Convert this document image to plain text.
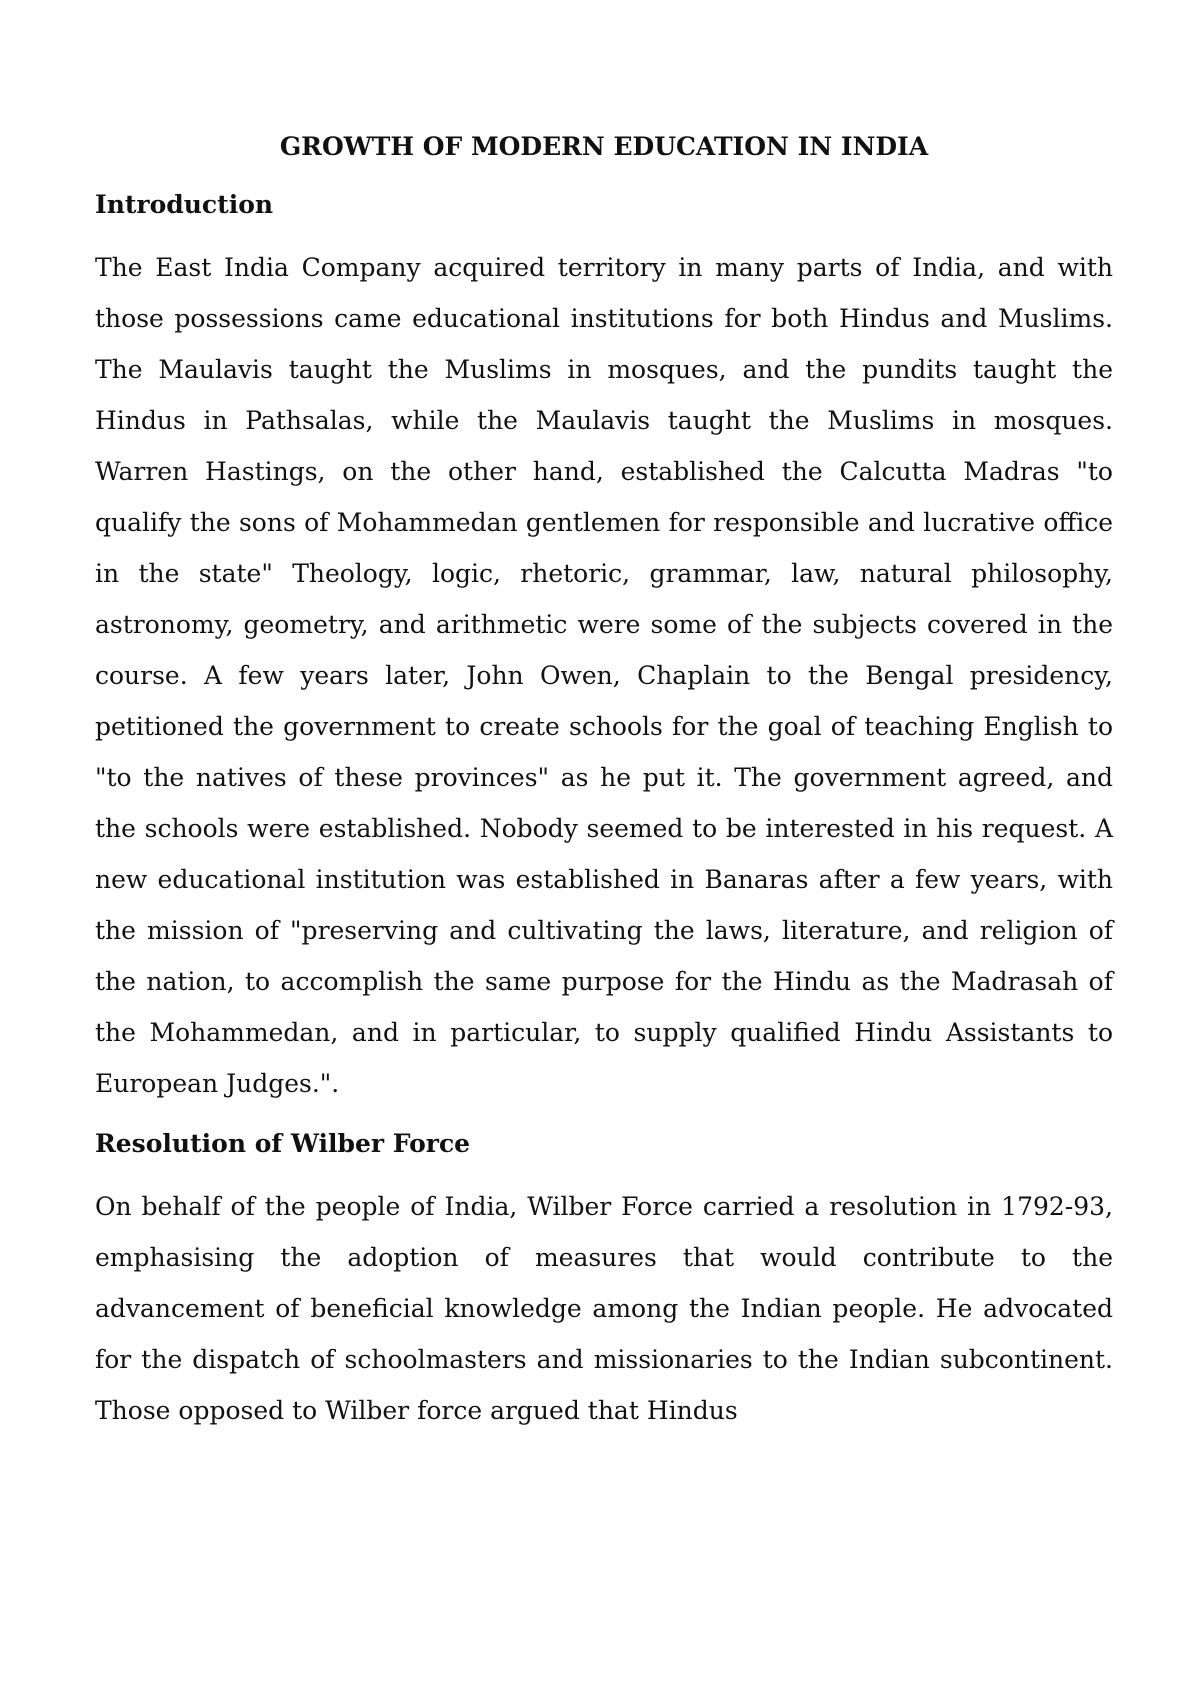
GROWTH OF MODERN EDUCATION IN INDIA
Introduction

The East India Company acquired territory in many parts of India, and with those possessions came educational institutions for both Hindus and Muslims. The Maulavis taught the Muslims in mosques, and the pundits taught the Hindus in Pathsalas, while the Maulavis taught the Muslims in mosques. Warren Hastings, on the other hand, established the Calcutta Madras "to qualify the sons of Mohammedan gentlemen for responsible and lucrative office in the state" Theology, logic, rhetoric, grammar, law, natural philosophy, astronomy, geometry, and arithmetic were some of the subjects covered in the course. A few years later, John Owen, Chaplain to the Bengal presidency, petitioned the government to create schools for the goal of teaching English to "to the natives of these provinces" as he put it. The government agreed, and the schools were established. Nobody seemed to be interested in his request. A new educational institution was established in Banaras after a few years, with the mission of "preserving and cultivating the laws, literature, and religion of the nation, to accomplish the same purpose for the Hindu as the Madrasah of the Mohammedan, and in particular, to supply qualified Hindu Assistants to European Judges.".

Resolution of Wilber Force

On behalf of the people of India, Wilber Force carried a resolution in 1792-93, emphasising the adoption of measures that would contribute to the advancement of beneficial knowledge among the Indian people. He advocated for the dispatch of schoolmasters and missionaries to the Indian subcontinent. Those opposed to Wilber force argued that Hindus
